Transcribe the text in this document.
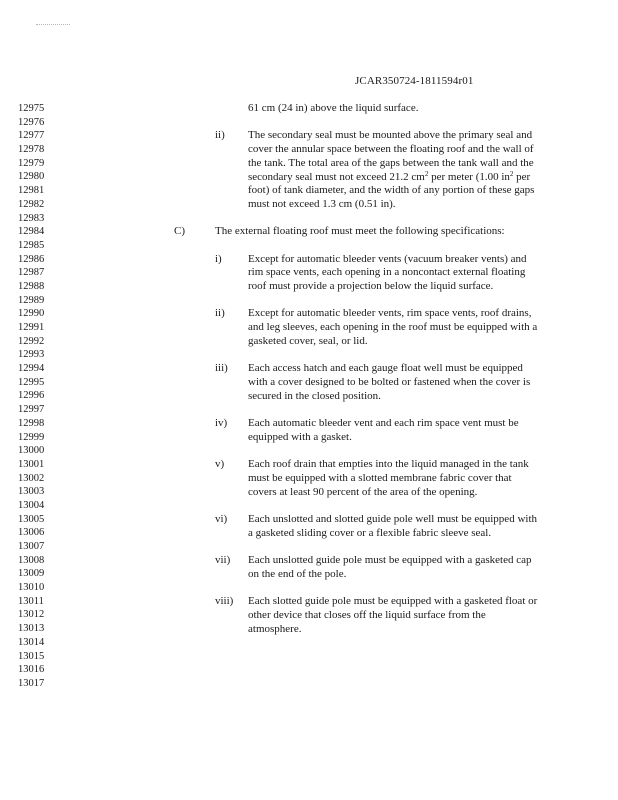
JCAR350724-1811594r01
12975
12976
12977
12978
12979
12980
12981
12982
12983
12984
12985
12986
12987
12988
12989
12990
12991
12992
12993
12994
12995
12996
12997
12998
12999
13000
13001
13002
13003
13004
13005
13006
13007
13008
13009
13010
13011
13012
13013
13014
13015
13016
13017
61 cm (24 in) above the liquid surface.
ii) The secondary seal must be mounted above the primary seal and cover the annular space between the floating roof and the wall of the tank. The total area of the gaps between the tank wall and the secondary seal must not exceed 21.2 $cm^2$ per meter (1.00 $in^2$ per foot) of tank diameter, and the width of any portion of these gaps must not exceed 1.3 cm (0.51 in).
C)	The external floating roof must meet the following specifications:
i) Except for automatic bleeder vents (vacuum breaker vents) and rim space vents, each opening in a noncontact external floating roof must provide a projection below the liquid surface.
ii) Except for automatic bleeder vents, rim space vents, roof drains, and leg sleeves, each opening in the roof must be equipped with a gasketed cover, seal, or lid.
iii) Each access hatch and each gauge float well must be equipped with a cover designed to be bolted or fastened when the cover is secured in the closed position.
iv) Each automatic bleeder vent and each rim space vent must be equipped with a gasket.
v) Each roof drain that empties into the liquid managed in the tank must be equipped with a slotted membrane fabric cover that covers at least 90 percent of the area of the opening.
vi) Each unslotted and slotted guide pole well must be equipped with a gasketed sliding cover or a flexible fabric sleeve seal.
vii) Each unslotted guide pole must be equipped with a gasketed cap on the end of the pole.
viii) Each slotted guide pole must be equipped with a gasketed float or other device that closes off the liquid surface from the atmosphere.
